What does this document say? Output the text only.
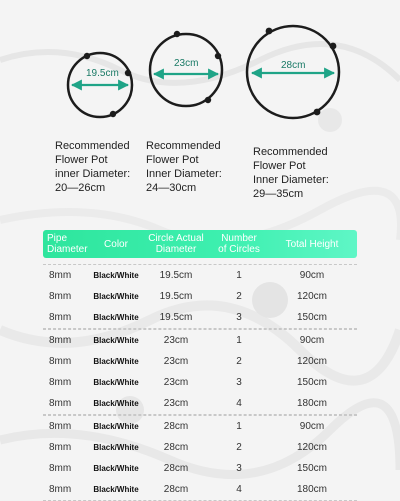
19.5cm
23cm	28cm
Recommended
Flower Pot
inner Diameter:
20—26cm
Recommended
Flower Pot
Inner Diameter:
24—30cm
Recommended
Flower Pot
Inner Diameter:
29—35cm
Pipe
Diameter	Color	Circle Actual
Diameter
Number
of Circles	Total Height
8mm	Black/White	19.5cm	1	90cm
8mm	Black/White	19.5cm	2	120cm
8mm	Black/White	19.5cm	3	150cm
8mm	Black/White	23cm	1	90cm
8mm	Black/White	23cm	2	120cm
8mm	Black/White	23cm	3	150cm
8mm	Black/White	23cm	4	180cm
8mm	Black/White	28cm	1	90cm
8mm	Black/White	28cm	2	120cm
8mm	Black/White	28cm	3	150cm
8mm	Black/White	28cm	4	180cm
